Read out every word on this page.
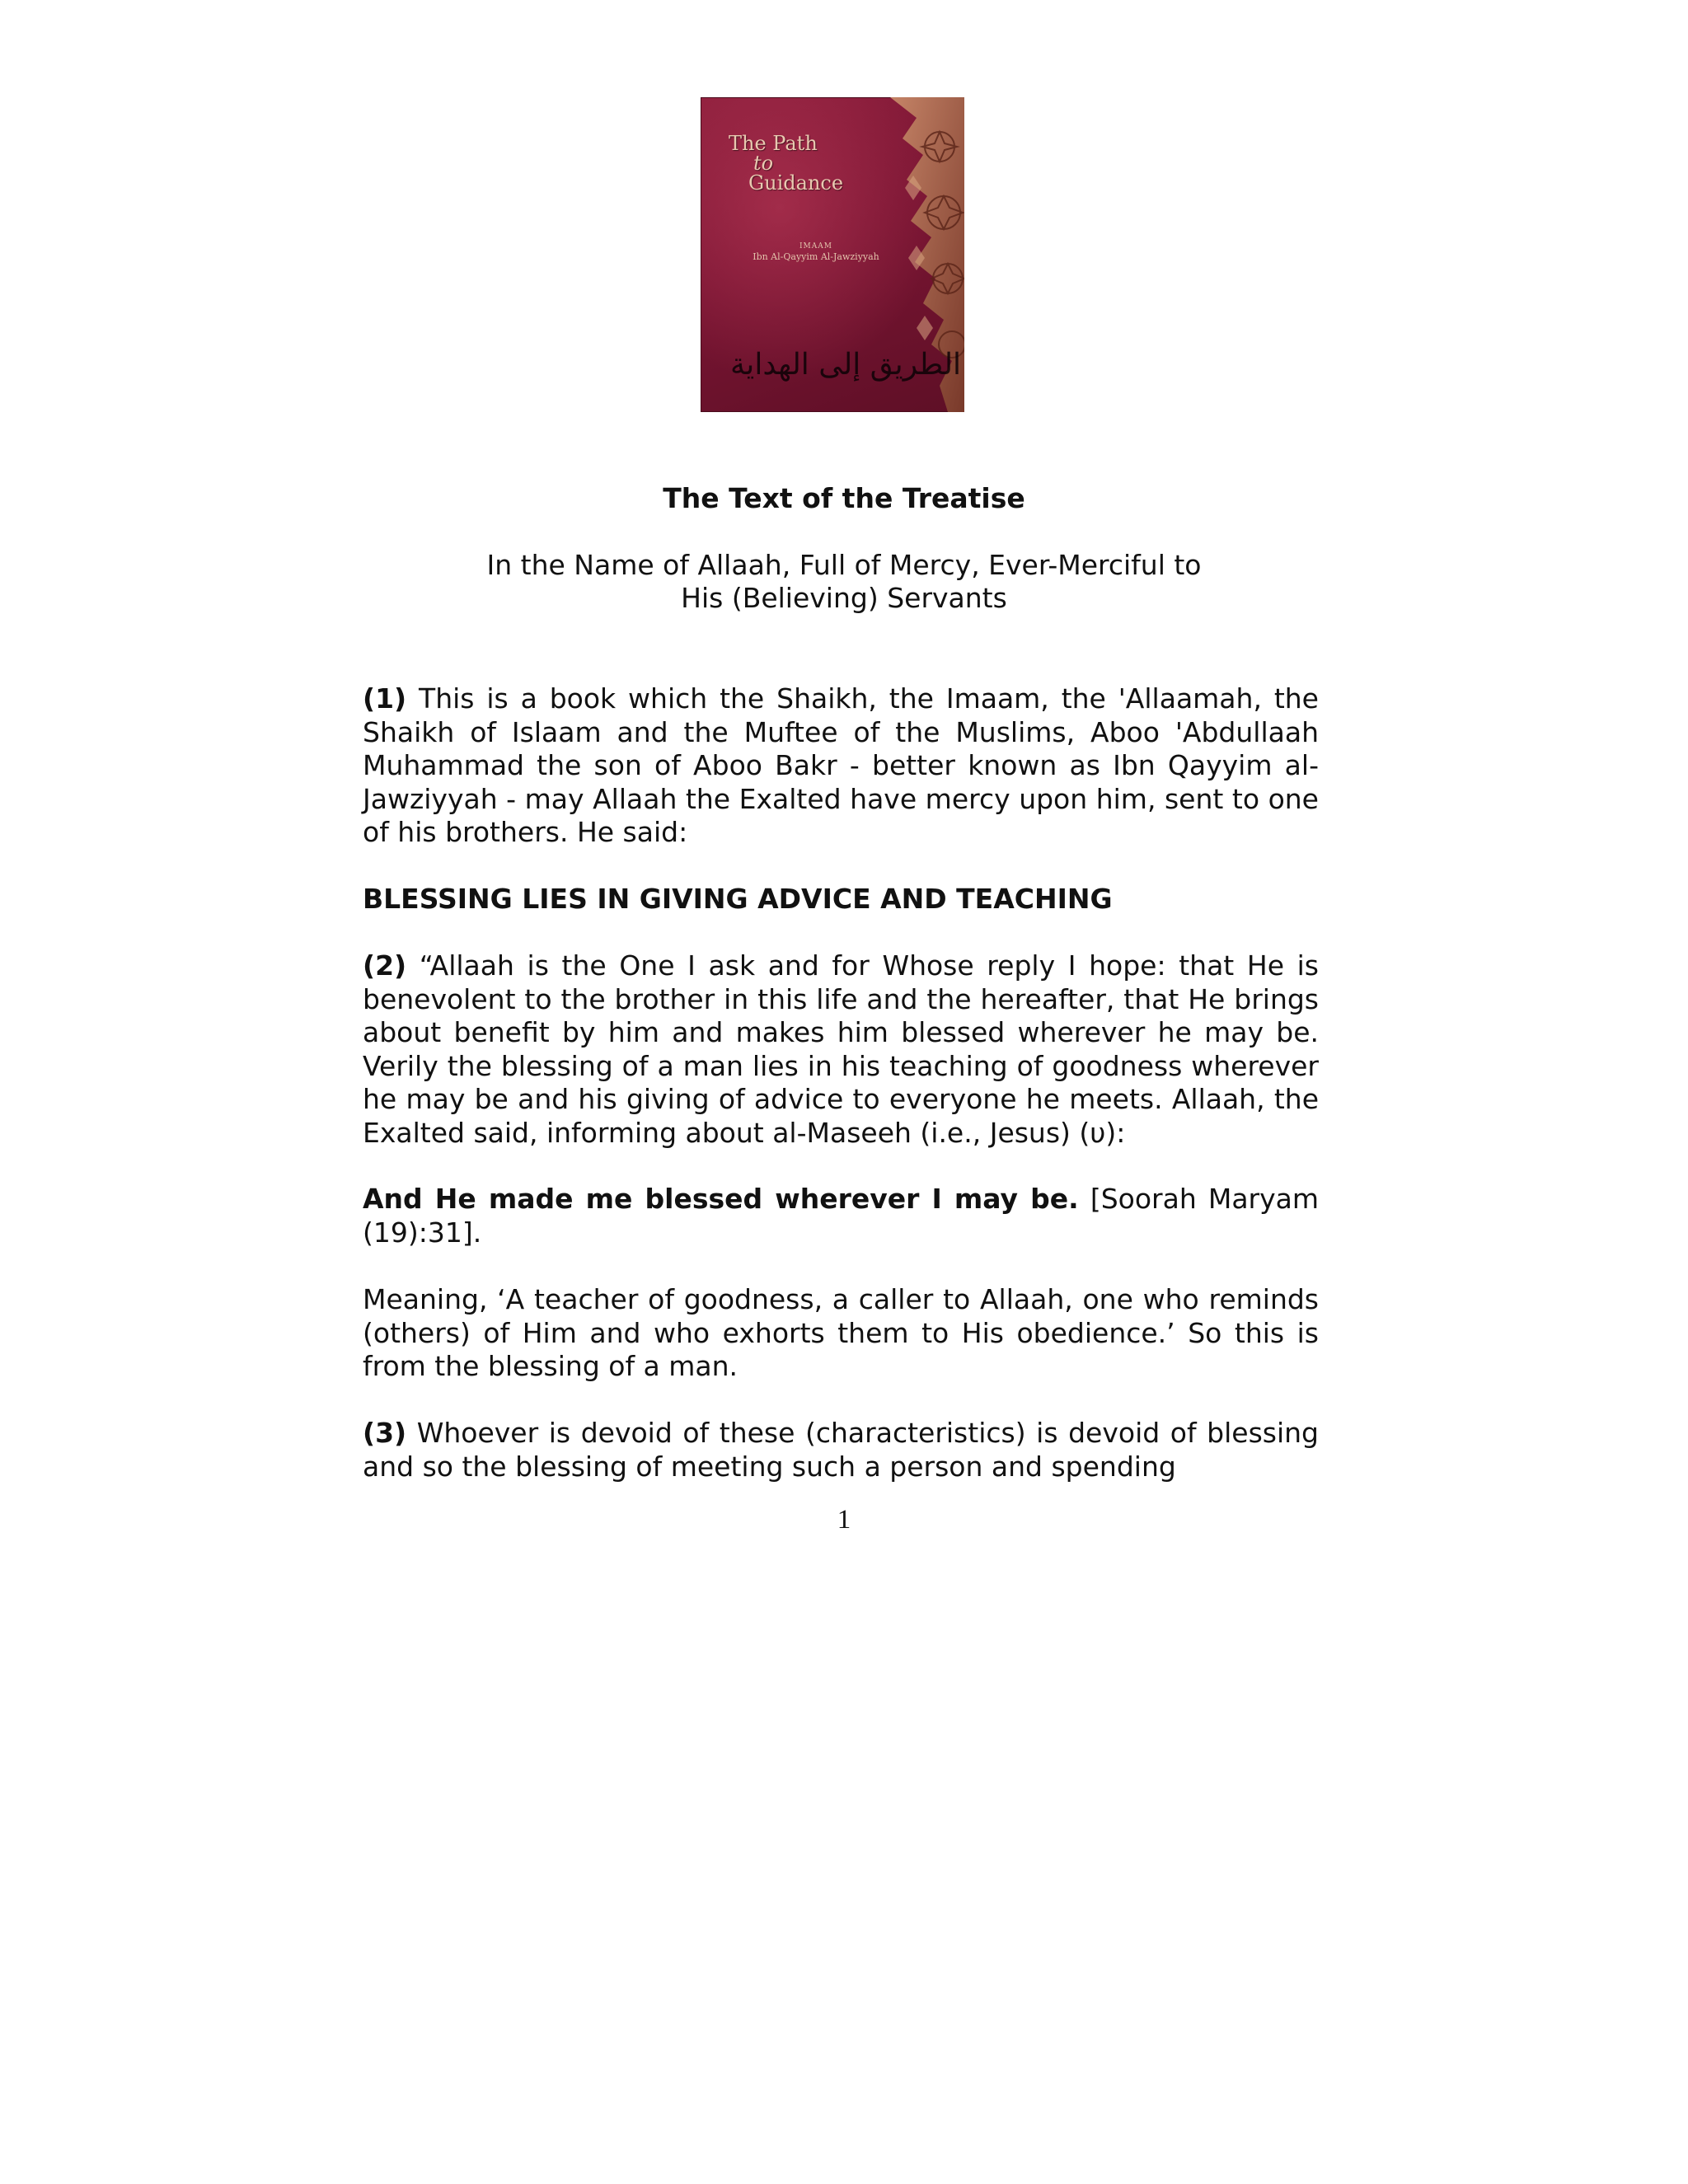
The Path
to
Guidance
IMAAM
Ibn Al-Qayyim Al-Jawziyyah
الطريق إلى الهداية
The Text of the Treatise
In the Name of Allaah, Full of Mercy, Ever-Merciful to
His (Believing) Servants
(1) This is a book which the Shaikh, the Imaam, the 'Allaamah, the Shaikh of Islaam and the Muftee of the Muslims, Aboo 'Abdullaah Muhammad the son of Aboo Bakr - better known as Ibn Qayyim al-Jawziyyah - may Allaah the Exalted have mercy upon him, sent to one of his brothers. He said:
BLESSING LIES IN GIVING ADVICE AND TEACHING
(2) “Allaah is the One I ask and for Whose reply I hope: that He is benevolent to the brother in this life and the hereafter, that He brings about benefit by him and makes him blessed wherever he may be. Verily the blessing of a man lies in his teaching of goodness wherever he may be and his giving of advice to everyone he meets. Allaah, the Exalted said, informing about al-Maseeh (i.e., Jesus) (υ):
And He made me blessed wherever I may be. [Soorah Maryam (19):31].
Meaning, ‘A teacher of goodness, a caller to Allaah, one who reminds (others) of Him and who exhorts them to His obedience.’ So this is from the blessing of a man.
(3) Whoever is devoid of these (characteristics) is devoid of blessing and so the blessing of meeting such a person and spending
1
